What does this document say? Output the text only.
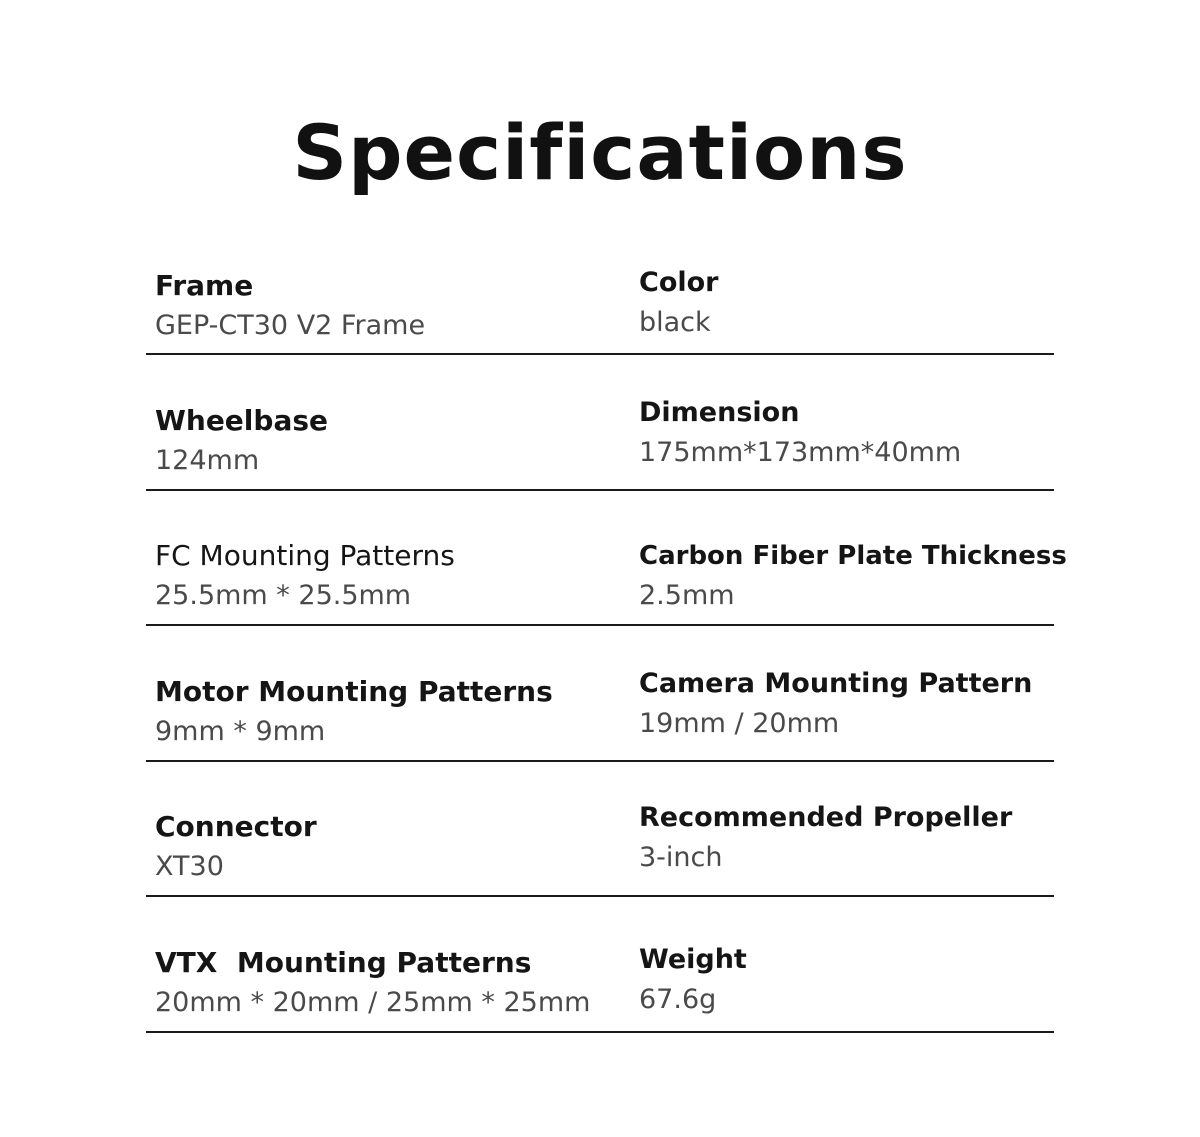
Specifications
Frame
GEP-CT30 V2 Frame
Color
black
Wheelbase
124mm
Dimension
175mm*173mm*40mm
FC Mounting Patterns
25.5mm * 25.5mm
Carbon Fiber Plate Thickness
2.5mm
Motor Mounting Patterns
9mm * 9mm
Camera Mounting Pattern
19mm / 20mm
Connector
XT30
Recommended Propeller
3-inch
VTX  Mounting Patterns
20mm * 20mm / 25mm * 25mm
Weight
67.6g
